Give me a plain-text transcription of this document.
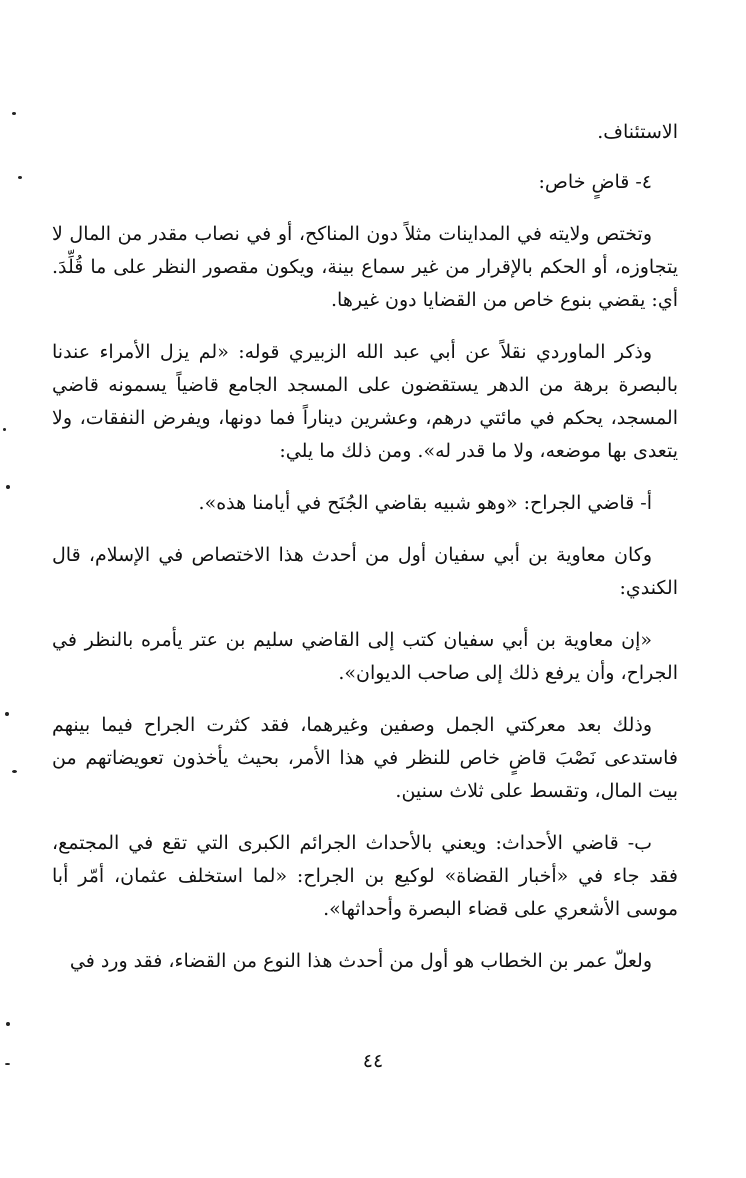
الاستئناف.

٤- قاضٍ خاص:

وتختص ولايته في المداينات مثلاً دون المناكح، أو في نصاب مقدر من المال لا يتجاوزه، أو الحكم بالإقرار من غير سماع بينة، ويكون مقصور النظر على ما قُلِّدَ. أي: يقضي بنوع خاص من القضايا دون غيرها.

وذكر الماوردي نقلاً عن أبي عبد الله الزبيري قوله: «لم يزل الأمراء عندنا بالبصرة برهة من الدهر يستقضون على المسجد الجامع قاضياً يسمونه قاضي المسجد، يحكم في مائتي درهم، وعشرين ديناراً فما دونها، ويفرض النفقات، ولا يتعدى بها موضعه، ولا ما قدر له». ومن ذلك ما يلي:

أ- قاضي الجراح: «وهو شبيه بقاضي الجُنَح في أيامنا هذه».

وكان معاوية بن أبي سفيان أول من أحدث هذا الاختصاص في الإسلام، قال الكندي:

«إن معاوية بن أبي سفيان كتب إلى القاضي سليم بن عتر يأمره بالنظر في الجراح، وأن يرفع ذلك إلى صاحب الديوان».

وذلك بعد معركتي الجمل وصفين وغيرهما، فقد كثرت الجراح فيما بينهم فاستدعى نَصْبَ قاضٍ خاص للنظر في هذا الأمر، بحيث يأخذون تعويضاتهم من بيت المال، وتقسط على ثلاث سنين.

ب- قاضي الأحداث: ويعني بالأحداث الجرائم الكبرى التي تقع في المجتمع، فقد جاء في «أخبار القضاة» لوكيع بن الجراح: «لما استخلف عثمان، أمّر أبا موسى الأشعري على قضاء البصرة وأحداثها».

ولعلّ عمر بن الخطاب هو أول من أحدث هذا النوع من القضاء، فقد ورد في

٤٤
